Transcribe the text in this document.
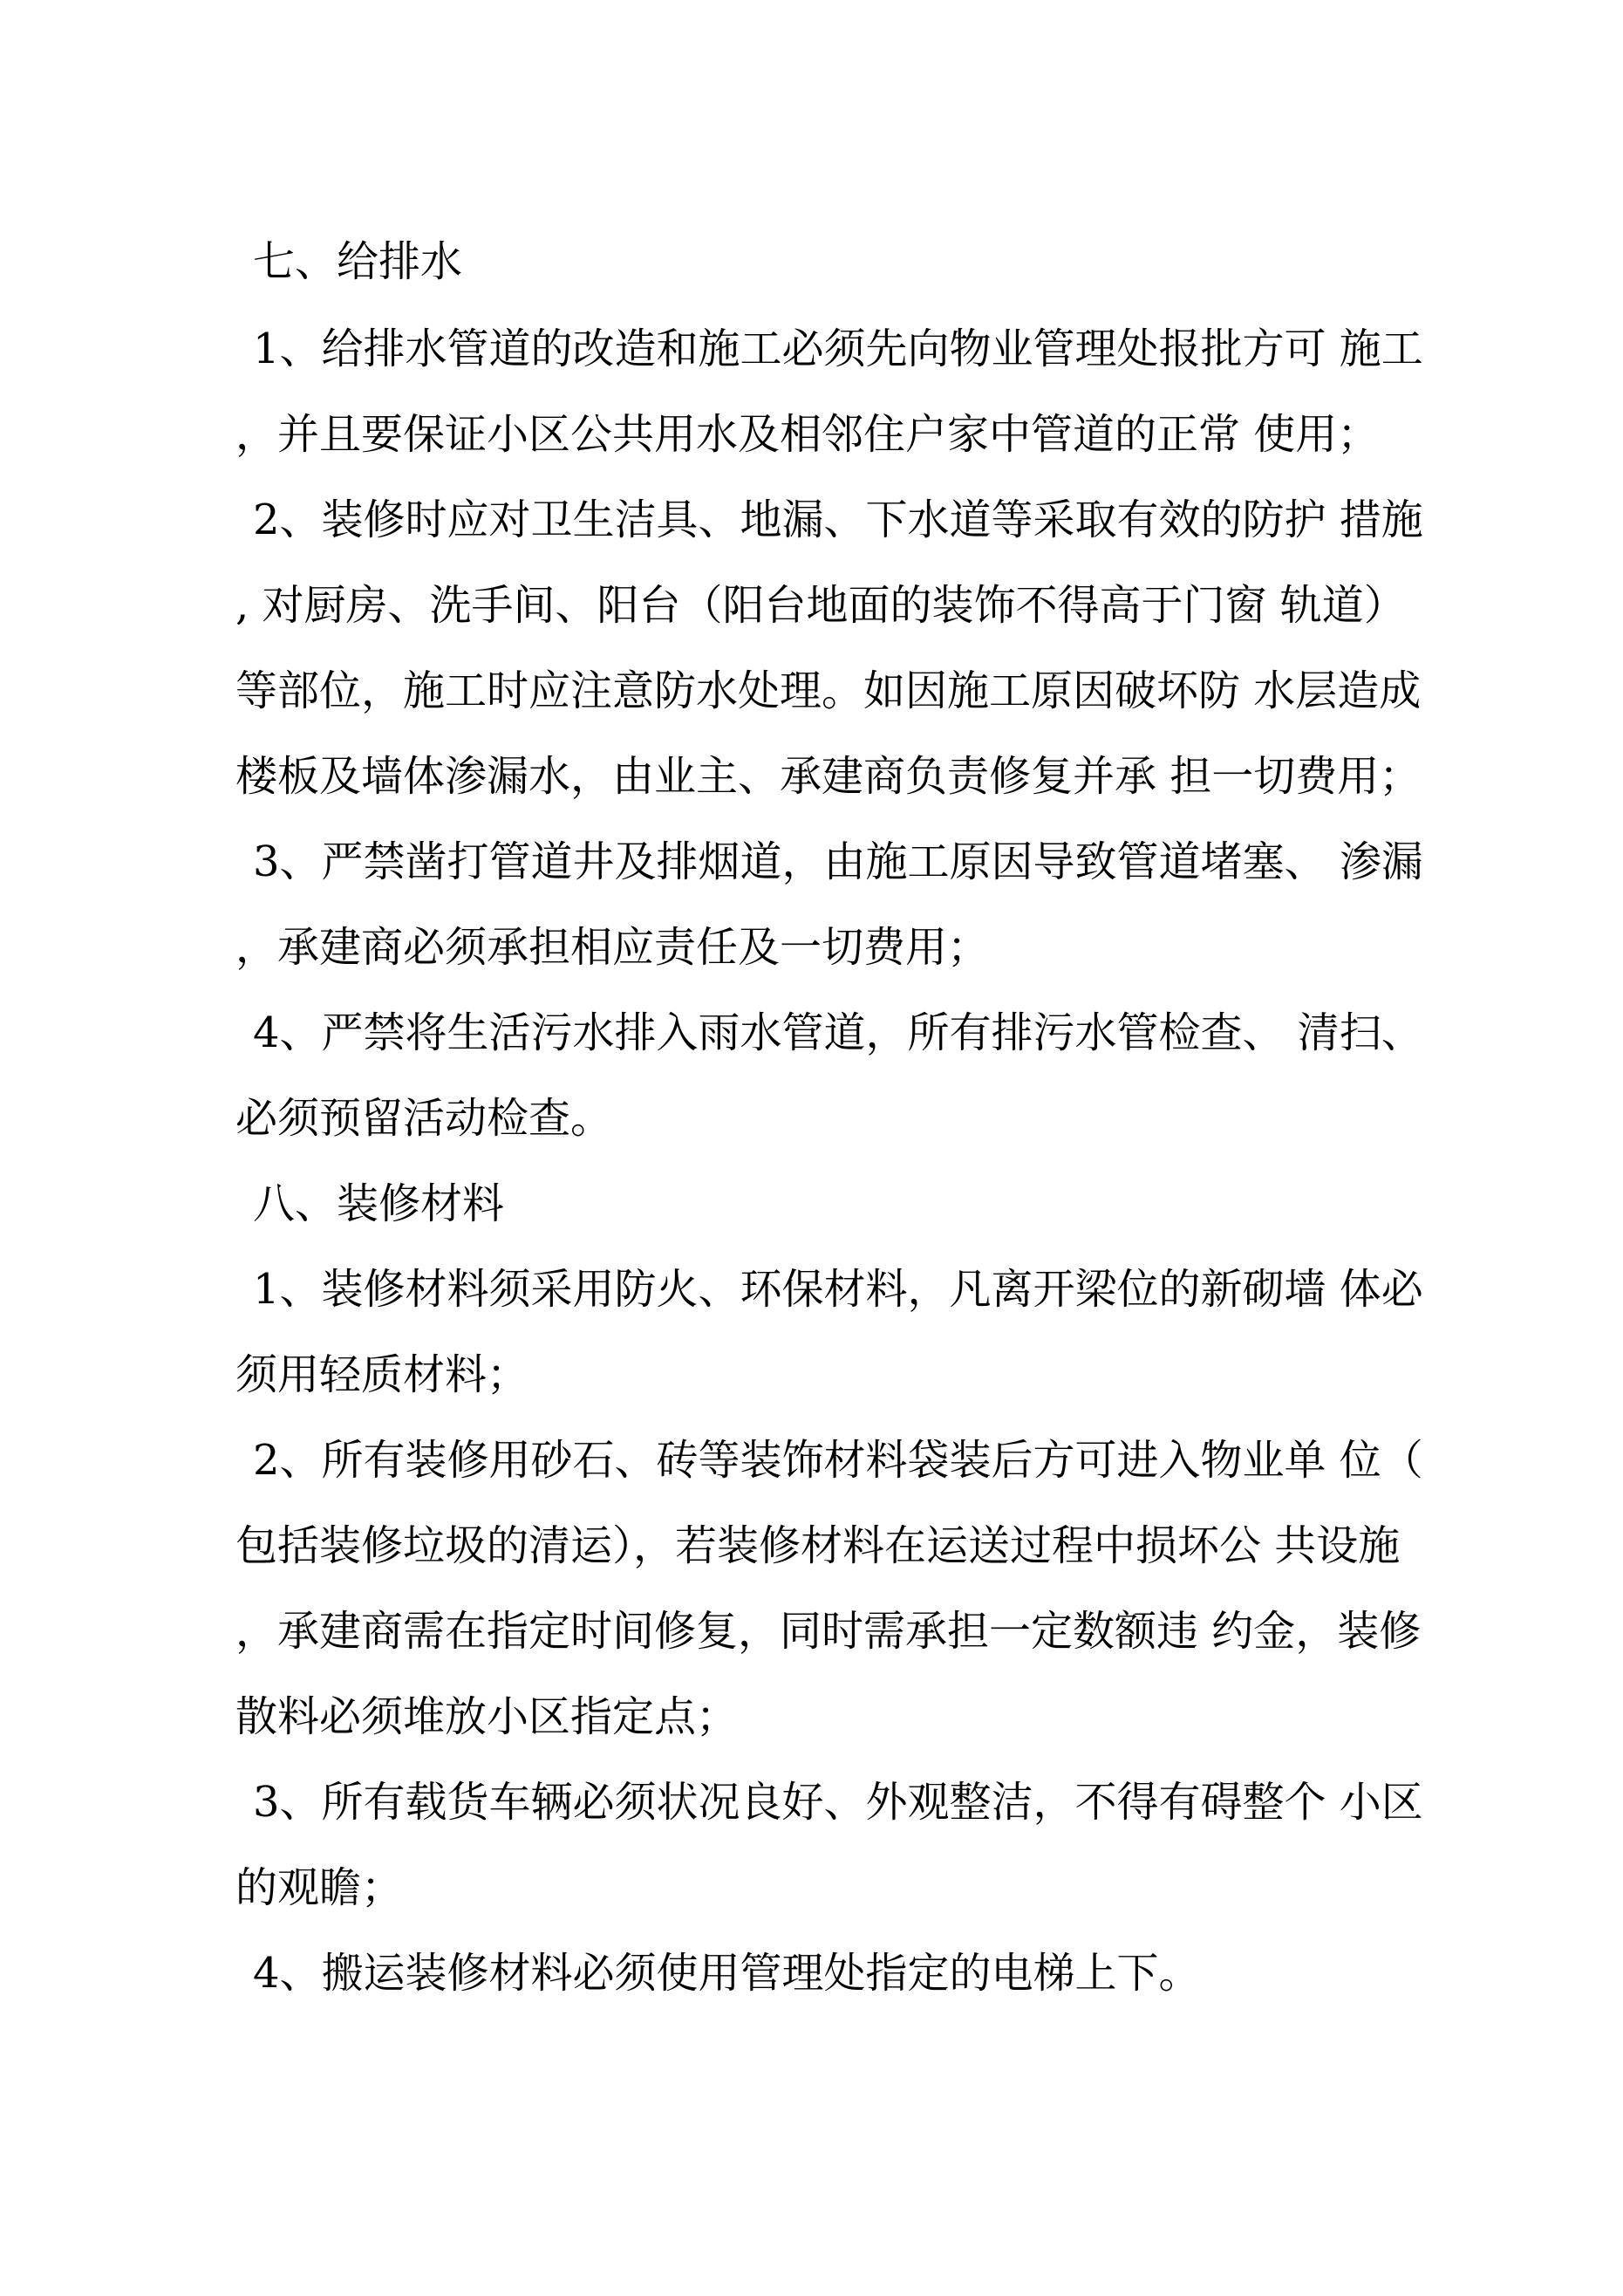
七、给排水
1、给排水管道的改造和施工必须先向物业管理处报批方可 施工
，并且要保证小区公共用水及相邻住户家中管道的正常 使用；
2、装修时应对卫生洁具、地漏、下水道等采取有效的防护 措施
, 对厨房、洗手间、阳台（阳台地面的装饰不得高于门窗 轨道）
等部位，施工时应注意防水处理。如因施工原因破坏防 水层造成
楼板及墙体渗漏水，由业主、承建商负责修复并承 担一切费用；
3、严禁凿打管道井及排烟道，由施工原因导致管道堵塞、 渗漏
，承建商必须承担相应责任及一切费用；
4、严禁将生活污水排入雨水管道，所有排污水管检查、 清扫、
必须预留活动检查。
八、装修材料
1、装修材料须采用防火、环保材料，凡离开梁位的新砌墙 体必
须用轻质材料；
2、所有装修用砂石、砖等装饰材料袋装后方可进入物业单 位（
包括装修垃圾的清运），若装修材料在运送过程中损坏公 共设施
，承建商需在指定时间修复，同时需承担一定数额违 约金，装修
散料必须堆放小区指定点；
3、所有载货车辆必须状况良好、外观整洁，不得有碍整个 小区
的观瞻；
4、搬运装修材料必须使用管理处指定的电梯上下。
